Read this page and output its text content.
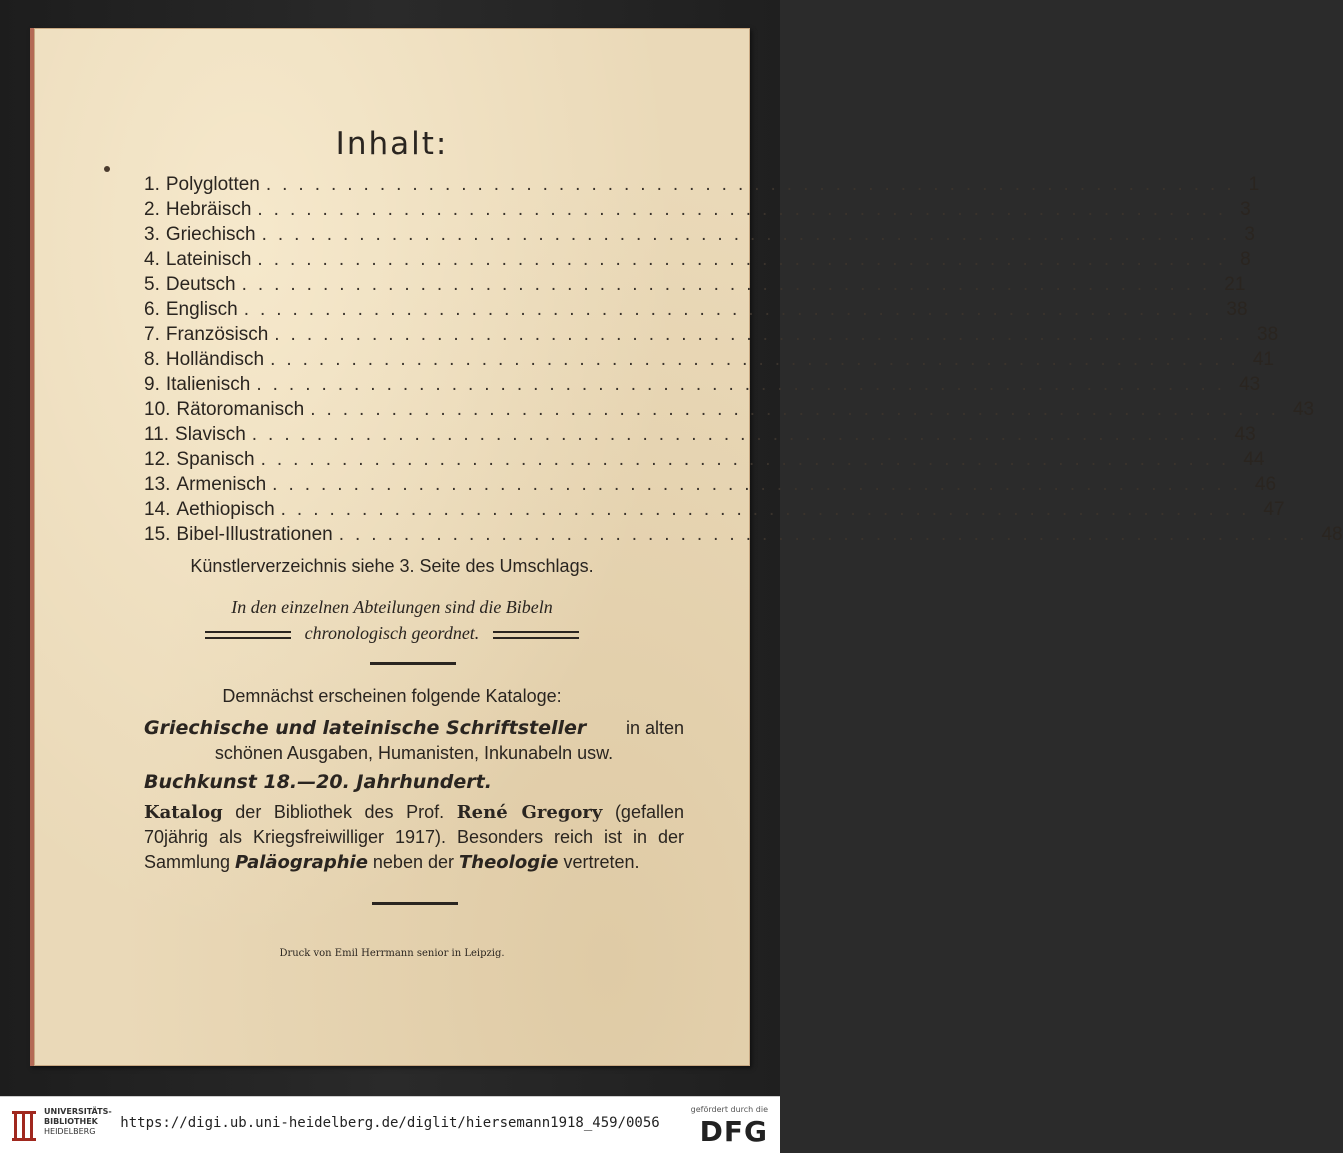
Inhalt:
1. Polyglotten ............................................................ 1
2. Hebräisch ............................................................ 3
3. Griechisch ............................................................ 3
4. Lateinisch ............................................................ 8
5. Deutsch ............................................................ 21
6. Englisch ............................................................ 38
7. Französisch ............................................................ 38
8. Holländisch ............................................................ 41
9. Italienisch ............................................................ 43
10. Rätoromanisch ............................................................ 43
11. Slavisch ............................................................ 43
12. Spanisch ............................................................ 44
13. Armenisch ............................................................ 46
14. Aethiopisch ............................................................ 47
15. Bibel-Illustrationen ............................................................ 48
Künstlerverzeichnis siehe 3. Seite des Umschlags.
In den einzelnen Abteilungen sind die Bibeln
chronologisch geordnet.
Demnächst erscheinen folgende Kataloge:
Griechische und lateinische Schriftsteller in alten
schönen Ausgaben, Humanisten, Inkunabeln usw.
Buchkunst 18.—20. Jahrhundert.
Katalog der Bibliothek des Prof. René Gregory (gefallen 70jährig als Kriegsfreiwilliger 1917). Besonders reich ist in der Sammlung Paläographie neben der Theologie vertreten.
Druck von Emil Herrmann senior in Leipzig.
UNIVERSITÄTS-
BIBLIOTHEK
HEIDELBERG
https://digi.ub.uni-heidelberg.de/diglit/hiersemann1918_459/0056
gefördert durch die
DFG
